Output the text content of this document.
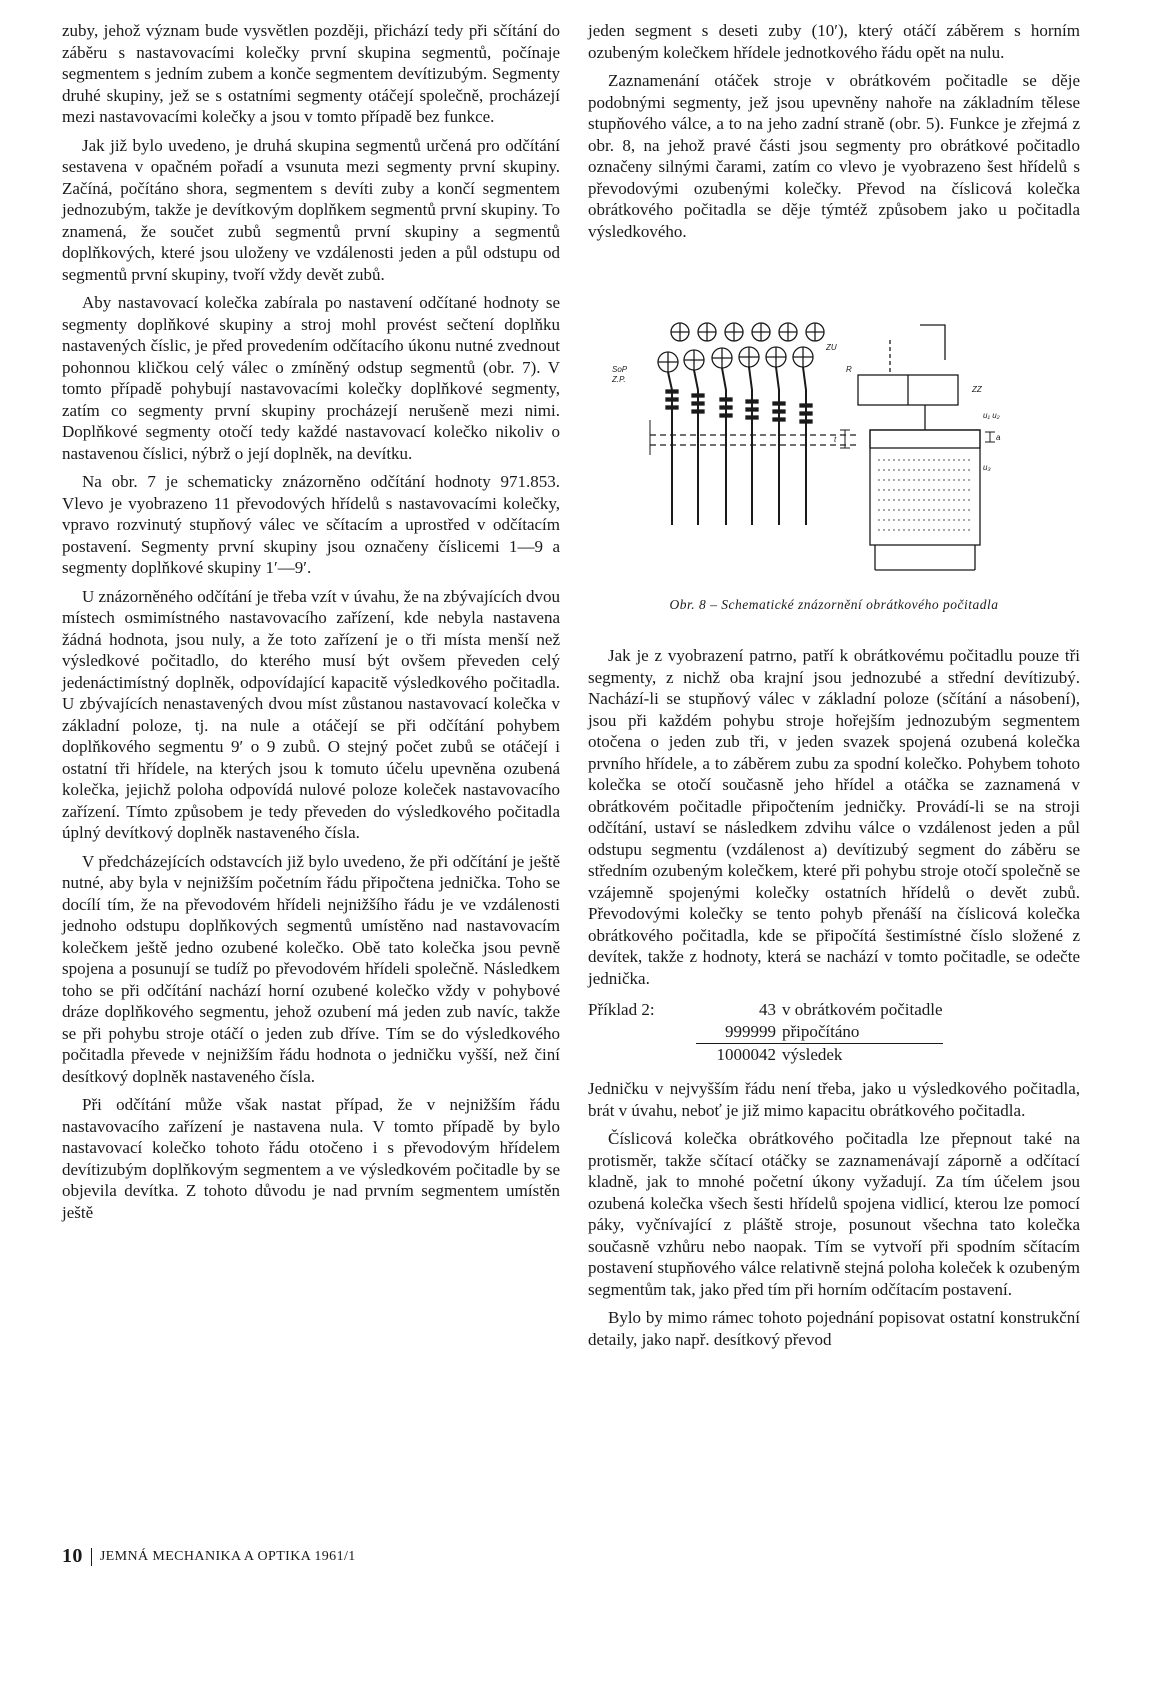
zuby, jehož význam bude vysvětlen později, přichází tedy při sčítání do záběru s nastavovacími kolečky první skupina segmentů, počínaje segmentem s jedním zubem a konče segmentem devítizubým. Segmenty druhé skupiny, jež se s ostatními segmenty otáčejí společně, procházejí mezi nastavovacími kolečky a jsou v tomto případě bez funkce.

Jak již bylo uvedeno, je druhá skupina segmentů určená pro odčítání sestavena v opačném pořadí a vsunuta mezi segmenty první skupiny. Začíná, počítáno shora, segmentem s devíti zuby a končí segmentem jednozubým, takže je devítkovým doplňkem segmentů první skupiny. To znamená, že součet zubů segmentů první skupiny a segmentů doplňkových, které jsou uloženy ve vzdálenosti jeden a půl odstupu od segmentů první skupiny, tvoří vždy devět zubů.

Aby nastavovací kolečka zabírala po nastavení odčítané hodnoty se segmenty doplňkové skupiny a stroj mohl provést sečtení doplňku nastavených číslic, je před provedením odčítacího úkonu nutné zvednout pohonnou kličkou celý válec o zmíněný odstup segmentů (obr. 7). V tomto případě pohybují nastavovacími kolečky doplňkové segmenty, zatím co segmenty první skupiny procházejí nerušeně mezi nimi. Doplňkové segmenty otočí tedy každé nastavovací kolečko nikoliv o nastavenou číslici, nýbrž o její doplněk, na devítku.

Na obr. 7 je schematicky znázorněno odčítání hodnoty 971.853. Vlevo je vyobrazeno 11 převodových hřídelů s nastavovacími kolečky, vpravo rozvinutý stupňový válec ve sčítacím a uprostřed v odčítacím postavení. Segmenty první skupiny jsou označeny číslicemi 1—9 a segmenty doplňkové skupiny 1′—9′.

U znázorněného odčítání je třeba vzít v úvahu, že na zbývajících dvou místech osmimístného nastavovacího zařízení, kde nebyla nastavena žádná hodnota, jsou nuly, a že toto zařízení je o tři místa menší než výsledkové počitadlo, do kterého musí být ovšem převeden celý jedenáctimístný doplněk, odpovídající kapacitě výsledkového počitadla. U zbývajících nenastavených dvou míst zůstanou nastavovací kolečka v základní poloze, tj. na nule a otáčejí se při odčítání pohybem doplňkového segmentu 9′ o 9 zubů. O stejný počet zubů se otáčejí i ostatní tři hřídele, na kterých jsou k tomuto účelu upevněna ozubená kolečka, jejichž poloha odpovídá nulové poloze koleček nastavovacího zařízení. Tímto způsobem je tedy převeden do výsledkového počitadla úplný devítkový doplněk nastaveného čísla.

V předcházejících odstavcích již bylo uvedeno, že při odčítání je ještě nutné, aby byla v nejnižším početním řádu připočtena jednička. Toho se docílí tím, že na převodovém hřídeli nejnižšího řádu je ve vzdálenosti jednoho odstupu doplňkových segmentů umístěno nad nastavovacím kolečkem ještě jedno ozubené kolečko. Obě tato kolečka jsou pevně spojena a posunují se tudíž po převodovém hřídeli společně. Následkem toho se při odčítání nachází horní ozubené kolečko vždy v pohybové dráze doplňkového segmentu, jehož ozubení má jeden zub navíc, takže se při pohybu stroje otáčí o jeden zub dříve. Tím se do výsledkového počitadla převede v nejnižším řádu hodnota o jedničku vyšší, než činí desítkový doplněk nastaveného čísla.

Při odčítání může však nastat případ, že v nejnižším řádu nastavovacího zařízení je nastavena nula. V tomto případě by bylo nastavovací kolečko tohoto řádu otočeno i s převodovým hřídelem devítizubým doplňkovým segmentem a ve výsledkovém počitadle by se objevila devítka. Z tohoto důvodu je nad prvním segmentem umístěn ještě

jeden segment s deseti zuby (10′), který otáčí záběrem s horním ozubeným kolečkem hřídele jednotkového řádu opět na nulu.

Zaznamenání otáček stroje v obrátkovém počitadle se děje podobnými segmenty, jež jsou upevněny nahoře na základním tělese stupňového válce, a to na jeho zadní straně (obr. 5). Funkce je zřejmá z obr. 8, na jehož pravé části jsou segmenty pro obrátkové počitadlo označeny silnými čarami, zatím co vlevo je vyobrazeno šest hřídelů s převodovými ozubenými kolečky. Převod na číslicová kolečka obrátkového počitadla se děje týmtéž způsobem jako u počitadla výsledkového.

SoP
Z.P.
R
ZZ
ZU
a
t
u₁ u₂
u₃
Obr. 8 – Schematické znázornění obrátkového počitadla

Jak je z vyobrazení patrno, patří k obrátkovému počitadlu pouze tři segmenty, z nichž oba krajní jsou jednozubé a střední devítizubý. Nachází-li se stupňový válec v základní poloze (sčítání a násobení), jsou při každém pohybu stroje hořejším jednozubým segmentem otočena o jeden zub tři, v jeden svazek spojená ozubená kolečka prvního hřídele, a to záběrem zubu za spodní kolečko. Pohybem tohoto kolečka se otočí současně jeho hřídel a otáčka se zaznamená v obrátkovém počitadle připočtením jedničky. Provádí-li se na stroji odčítání, ustaví se následkem zdvihu válce o vzdálenost jeden a půl odstupu segmentu (vzdálenost a) devítizubý segment do záběru se středním ozubeným kolečkem, které při pohybu stroje otočí společně se vzájemně spojenými kolečky ostatních hřídelů o devět zubů. Převodovými kolečky se tento pohyb přenáší na číslicová kolečka obrátkového počitadla, kde se připočítá šestimístné číslo složené z devítek, takže z hodnoty, která se nachází v tomto počitadle, se odečte jednička.

Příklad 2:	43	v obrátkovém počitadle
	999999	připočítáno
	1000042	výsledek

Jedničku v nejvyšším řádu není třeba, jako u výsledkového počitadla, brát v úvahu, neboť je již mimo kapacitu obrátkového počitadla.

Číslicová kolečka obrátkového počitadla lze přepnout také na protisměr, takže sčítací otáčky se zaznamenávají záporně a odčítací kladně, jak to mnohé početní úkony vyžadují. Za tím účelem jsou ozubená kolečka všech šesti hřídelů spojena vidlicí, kterou lze pomocí páky, vyčnívající z pláště stroje, posunout všechna tato kolečka současně vzhůru nebo naopak. Tím se vytvoří při spodním sčítacím postavení stupňového válce relativně stejná poloha koleček k ozubeným segmentům tak, jako před tím při horním odčítacím postavení.

Bylo by mimo rámec tohoto pojednání popisovat ostatní konstrukční detaily, jako např. desítkový převod

10 JEMNÁ MECHANIKA A OPTIKA 1961/1
